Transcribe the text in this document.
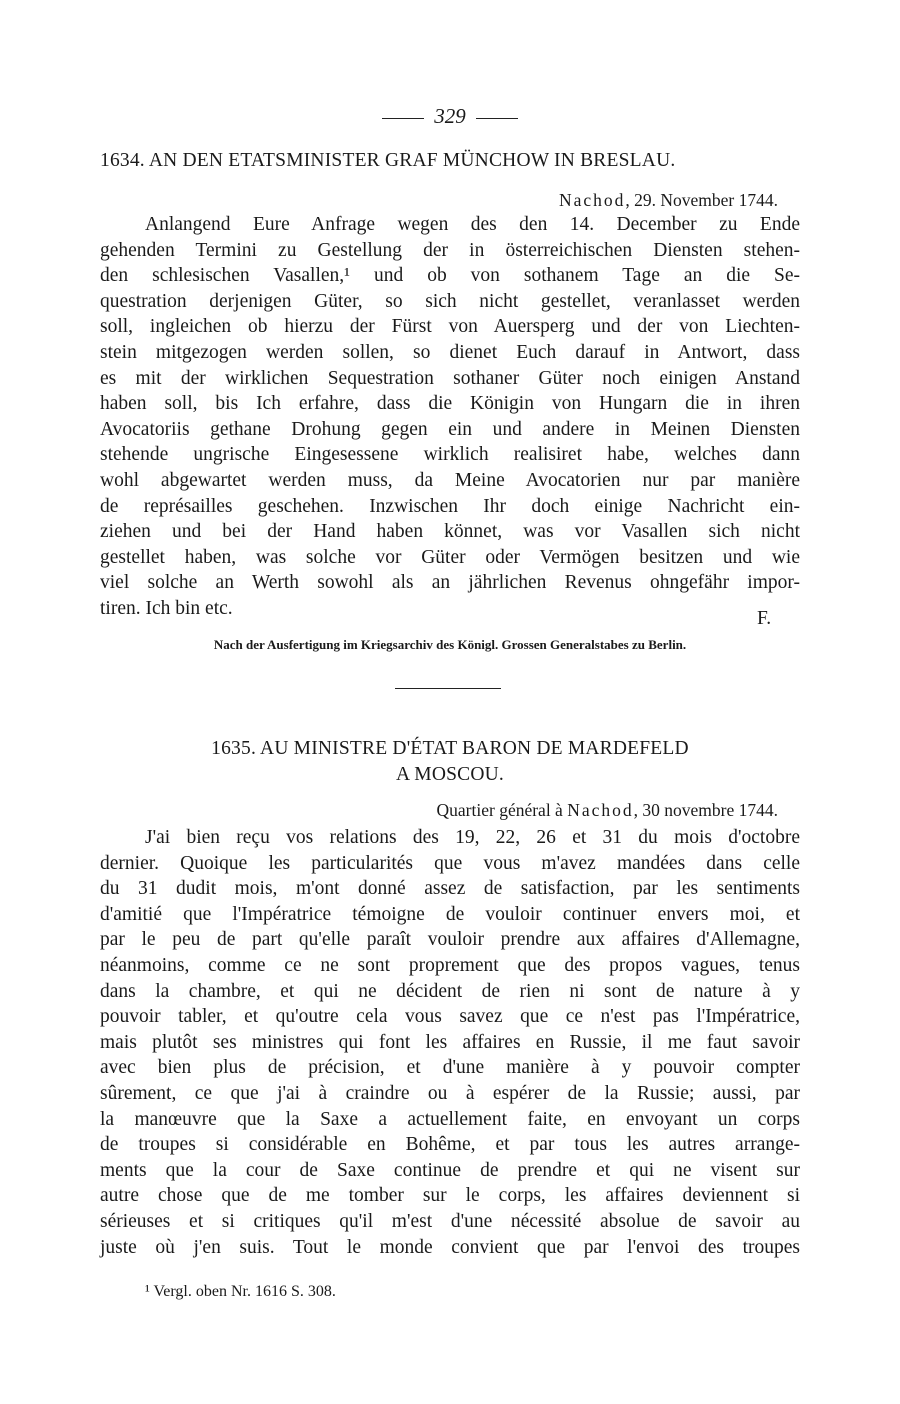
329
1634. AN DEN ETATSMINISTER GRAF MÜNCHOW IN BRESLAU.
Nachod, 29. November 1744.
Anlangend Eure Anfrage wegen des den 14. December zu Ende
gehenden Termini zu Gestellung der in österreichischen Diensten stehen-
den schlesischen Vasallen,¹ und ob von sothanem Tage an die Se-
questration derjenigen Güter, so sich nicht gestellet, veranlasset werden
soll, ingleichen ob hierzu der Fürst von Auersperg und der von Liechten-
stein mitgezogen werden sollen, so dienet Euch darauf in Antwort, dass
es mit der wirklichen Sequestration sothaner Güter noch einigen Anstand
haben soll, bis Ich erfahre, dass die Königin von Hungarn die in ihren
Avocatoriis gethane Drohung gegen ein und andere in Meinen Diensten
stehende ungrische Eingesessene wirklich realisiret habe, welches dann
wohl abgewartet werden muss, da Meine Avocatorien nur par manière
de représailles geschehen. Inzwischen Ihr doch einige Nachricht ein-
ziehen und bei der Hand haben könnet, was vor Vasallen sich nicht
gestellet haben, was solche vor Güter oder Vermögen besitzen und wie
viel solche an Werth sowohl als an jährlichen Revenus ohngefähr impor-
tiren. Ich bin etc.	F.
Nach der Ausfertigung im Kriegsarchiv des Königl. Grossen Generalstabes zu Berlin.
1635. AU MINISTRE D'ÉTAT BARON DE MARDEFELD
A MOSCOU.
Quartier général à Nachod, 30 novembre 1744.
J'ai bien reçu vos relations des 19, 22, 26 et 31 du mois d'octobre
dernier. Quoique les particularités que vous m'avez mandées dans celle
du 31 dudit mois, m'ont donné assez de satisfaction, par les sentiments
d'amitié que l'Impératrice témoigne de vouloir continuer envers moi, et
par le peu de part qu'elle paraît vouloir prendre aux affaires d'Allemagne,
néanmoins, comme ce ne sont proprement que des propos vagues, tenus
dans la chambre, et qui ne décident de rien ni sont de nature à y
pouvoir tabler, et qu'outre cela vous savez que ce n'est pas l'Impératrice,
mais plutôt ses ministres qui font les affaires en Russie, il me faut savoir
avec bien plus de précision, et d'une manière à y pouvoir compter
sûrement, ce que j'ai à craindre ou à espérer de la Russie; aussi, par
la manœuvre que la Saxe a actuellement faite, en envoyant un corps
de troupes si considérable en Bohême, et par tous les autres arrange-
ments que la cour de Saxe continue de prendre et qui ne visent sur
autre chose que de me tomber sur le corps, les affaires deviennent si
sérieuses et si critiques qu'il m'est d'une nécessité absolue de savoir au
juste où j'en suis. Tout le monde convient que par l'envoi des troupes
¹ Vergl. oben Nr. 1616 S. 308.
